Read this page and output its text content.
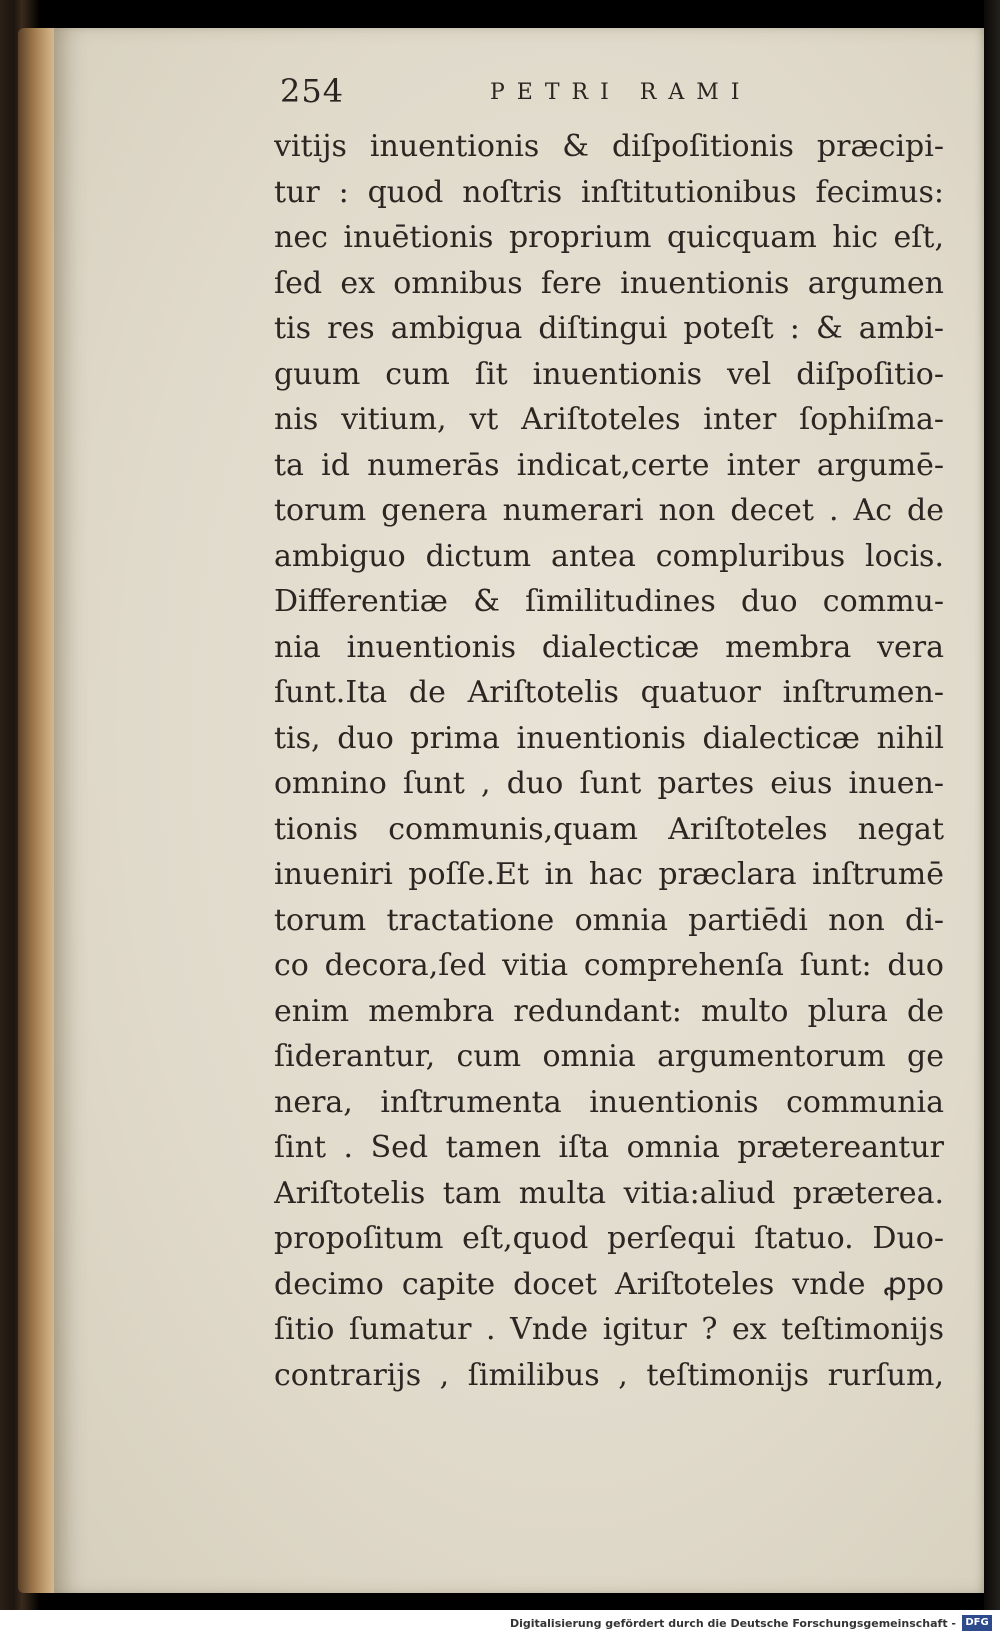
254	PETRI RAMI
vitijs inuentionis & diſpoſitionis præcipi-
tur : quod noſtris inſtitutionibus fecimus:
nec inuētionis proprium quicquam hic eſt,
ſed ex omnibus fere inuentionis argumen
tis res ambigua diſtingui poteſt : & ambi-
guum cum ſit inuentionis vel diſpoſitio-
nis vitium, vt Ariſtoteles inter ſophiſma-
ta id numerās indicat,certe inter argumē-
torum genera numerari non decet . Ac de
ambiguo dictum antea compluribus locis.
Differentiæ & ſimilitudines duo commu-
nia inuentionis dialecticæ membra vera
ſunt.Ita de Ariſtotelis quatuor inſtrumen-
tis, duo prima inuentionis dialecticæ nihil
omnino ſunt , duo ſunt partes eius inuen-
tionis communis,quam Ariſtoteles negat
inueniri poſſe.Et in hac præclara inſtrumē
torum tractatione omnia partiēdi non di-
co decora,ſed vitia comprehenſa ſunt: duo
enim membra redundant: multo plura de
ſiderantur, cum omnia argumentorum ge
nera, inſtrumenta inuentionis communia
ſint . Sed tamen iſta omnia prætereantur
Ariſtotelis tam multa vitia:aliud præterea.
propoſitum eſt,quod perſequi ſtatuo. Duo-
decimo capite docet Ariſtoteles vnde ꝓpo
ſitio ſumatur . Vnde igitur ? ex teſtimonijs
contrarijs , ſimilibus , teſtimonijs rurſum,
Digitalisierung gefördert durch die Deutsche Forschungsgemeinschaft - DFG
